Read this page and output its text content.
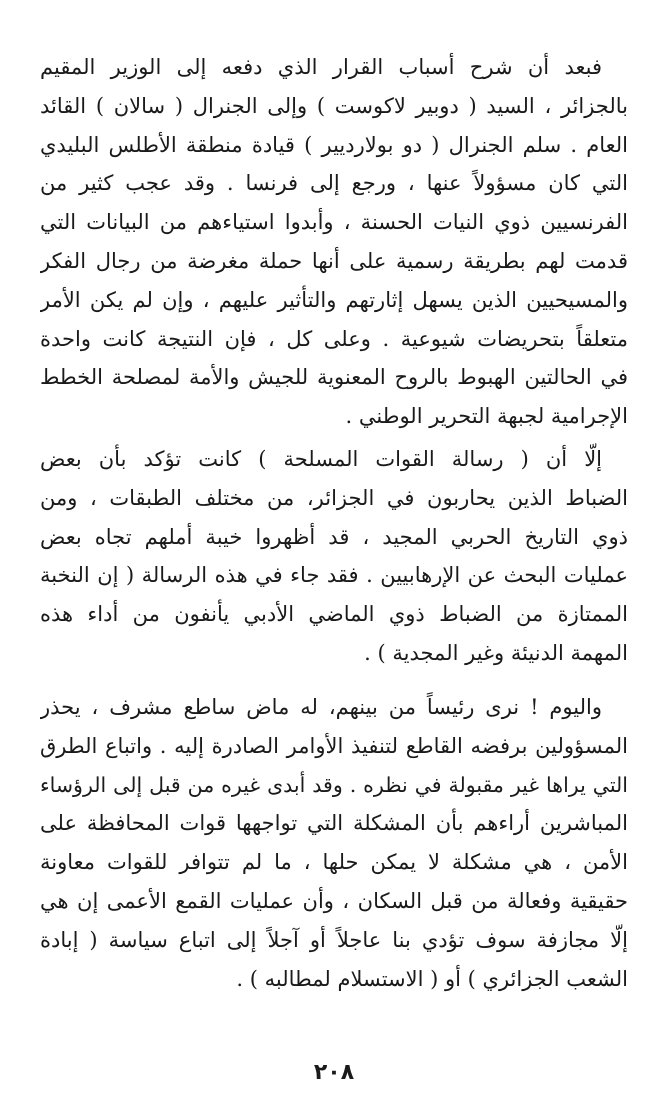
فبعد أن شرح أسباب القرار الذي دفعه إلى الوزير المقيم
بالجزائر ، السيد ( دوبير لاكوست ) وإلى الجنرال ( سالان ) القائد
العام . سلم الجنرال ( دو بولارديير ) قيادة منطقة الأطلس البليدي
التي كان مسؤولاً عنها ، ورجع إلى فرنسا . وقد عجب كثير من
الفرنسيين ذوي النيات الحسنة ، وأبدوا استياءهم من البيانات التي
قدمت لهم بطريقة رسمية على أنها حملة مغرضة من رجال الفكر
والمسيحيين الذين يسهل إثارتهم والتأثير عليهم ، وإن لم يكن الأمر
متعلقاً بتحريضات شيوعية . وعلى كل ، فإن النتيجة كانت واحدة
في الحالتين الهبوط بالروح المعنوية للجيش والأمة لمصلحة الخطط
الإجرامية لجبهة التحرير الوطني .
إلّا أن ( رسالة القوات المسلحة ) كانت تؤكد بأن بعض
الضباط الذين يحاربون في الجزائر، من مختلف الطبقات ، ومن
ذوي التاريخ الحربي المجيد ، قد أظهروا خيبة أملهم تجاه بعض
عمليات البحث عن الإرهابيين . فقد جاء في هذه الرسالة ( إن النخبة
الممتازة من الضباط ذوي الماضي الأدبي يأنفون من أداء هذه
المهمة الدنيئة وغير المجدية ) .
واليوم ! نرى رئيساً من بينهم، له ماض ساطع مشرف ، يحذر
المسؤولين برفضه القاطع لتنفيذ الأوامر الصادرة إليه . واتباع الطرق
التي يراها غير مقبولة في نظره . وقد أبدى غيره من قبل إلى الرؤساء
المباشرين أراءهم بأن المشكلة التي تواجهها قوات المحافظة على
الأمن ، هي مشكلة لا يمكن حلها ، ما لم تتوافر للقوات معاونة
حقيقية وفعالة من قبل السكان ، وأن عمليات القمع الأعمى إن هي
إلّا مجازفة سوف تؤدي بنا عاجلاً أو آجلاً إلى اتباع سياسة ( إبادة
الشعب الجزائري ) أو ( الاستسلام لمطالبه ) .
٢٠٨
